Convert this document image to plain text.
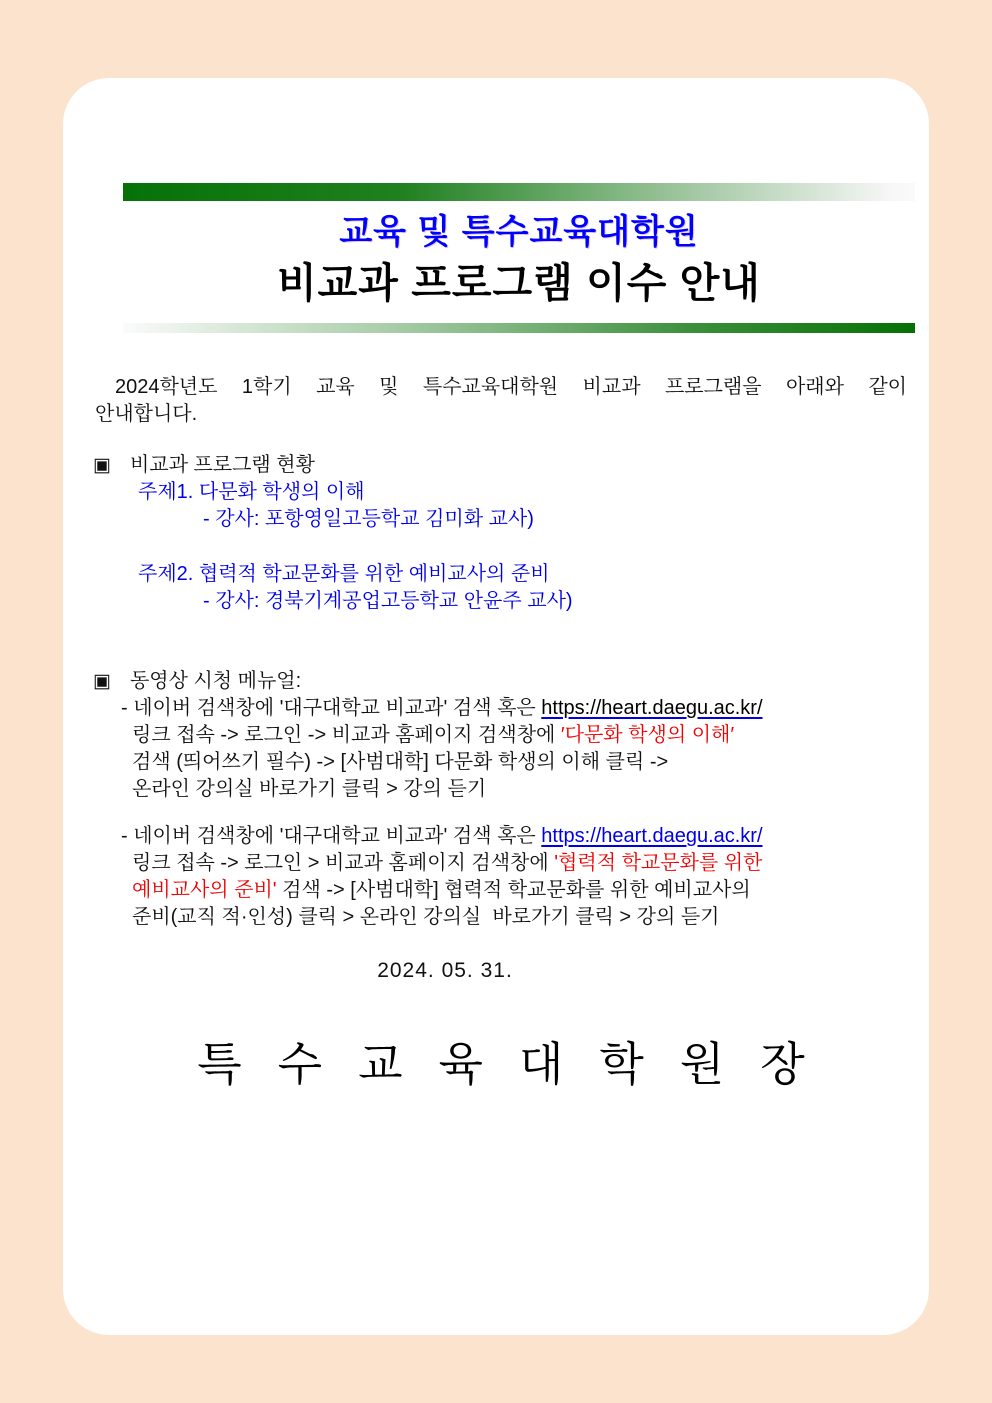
교육 및 특수교육대학원
비교과 프로그램 이수 안내
2024학년도 1학기 교육 및 특수교육대학원 비교과 프로그램을 아래와 같이
안내합니다.
▣ 비교과 프로그램 현황
주제1. 다문화 학생의 이해
- 강사: 포항영일고등학교 김미화 교사)
주제2. 협력적 학교문화를 위한 예비교사의 준비
- 강사: 경북기계공업고등학교 안윤주 교사)
▣ 동영상 시청 메뉴얼:
- 네이버 검색창에 '대구대학교 비교과' 검색 혹은 https://heart.daegu.ac.kr/
링크 접속 -> 로그인 -> 비교과 홈페이지 검색창에 ′다문화 학생의 이해′
검색 (띄어쓰기 필수) -> [사범대학] 다문화 학생의 이해 클릭 ->
온라인 강의실 바로가기 클릭 > 강의 듣기
- 네이버 검색창에 '대구대학교 비교과' 검색 혹은 https://heart.daegu.ac.kr/
링크 접속 -> 로그인 > 비교과 홈페이지 검색창에 '협력적 학교문화를 위한
예비교사의 준비' 검색 -> [사범대학] 협력적 학교문화를 위한 예비교사의
준비(교직 적·인성) 클릭 > 온라인 강의실  바로가기 클릭 > 강의 듣기
2024. 05. 31.
특수교육대학원장
